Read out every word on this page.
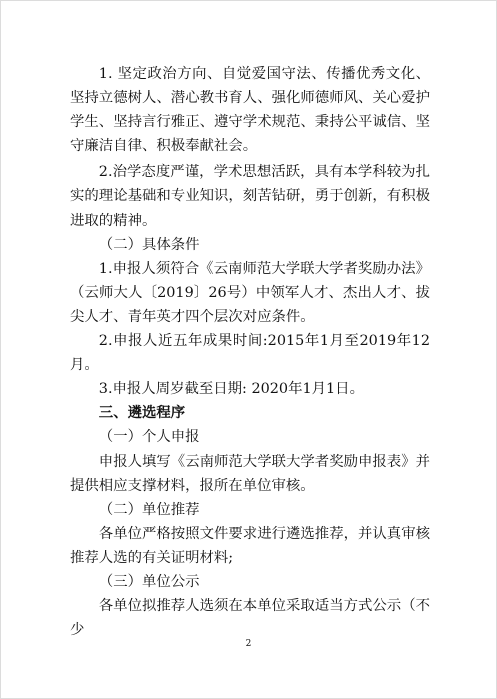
1. 坚定政治方向、自觉爱国守法、传播优秀文化、坚持立德树人、潜心教书育人、强化师德师风、关心爱护学生、坚持言行雅正、遵守学术规范、秉持公平诚信、坚守廉洁自律、积极奉献社会。

2.治学态度严谨，学术思想活跃，具有本学科较为扎实的理论基础和专业知识，刻苦钻研，勇于创新，有积极进取的精神。

（二）具体条件

1.申报人须符合《云南师范大学联大学者奖励办法》（云师大人〔2019〕26号）中领军人才、杰出人才、拔尖人才、青年英才四个层次对应条件。

2.申报人近五年成果时间:2015年1月至2019年12月。

3.申报人周岁截至日期: 2020年1月1日。

三、遴选程序

（一）个人申报

申报人填写《云南师范大学联大学者奖励申报表》并提供相应支撑材料，报所在单位审核。

（二）单位推荐

各单位严格按照文件要求进行遴选推荐，并认真审核推荐人选的有关证明材料;

（三）单位公示

各单位拟推荐人选须在本单位采取适当方式公示（不少

2
